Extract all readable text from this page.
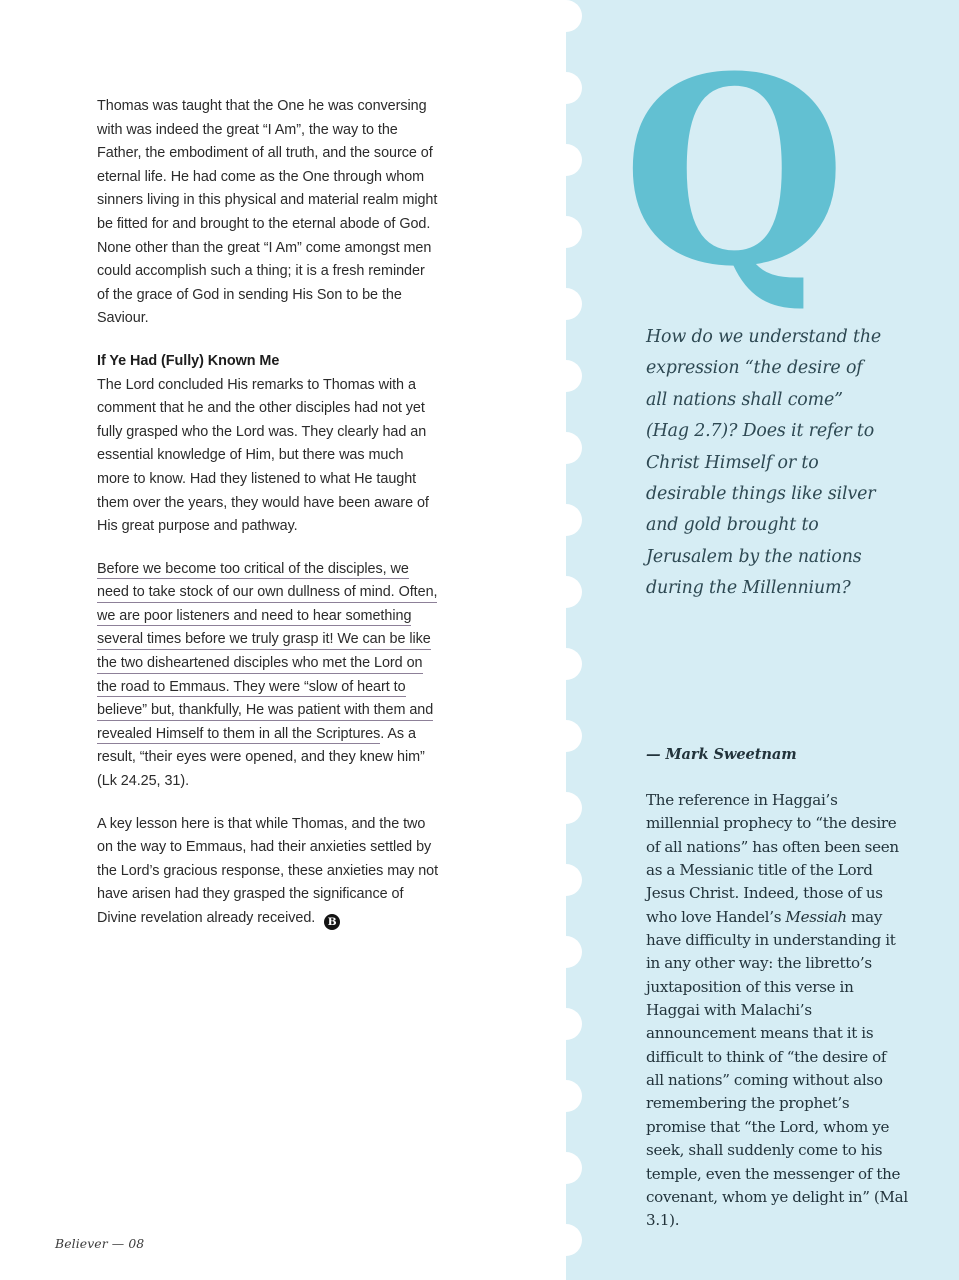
Q
How do we understand the expression “the desire of all nations shall come” (Hag 2.7)? Does it refer to Christ Himself or to desirable things like silver and gold brought to Jerusalem by the nations during the Millennium?
— Mark Sweetnam
The reference in Haggai’s millennial prophecy to “the desire of all nations” has often been seen as a Messianic title of the Lord Jesus Christ. Indeed, those of us who love Handel’s Messiah may have difficulty in understanding it in any other way: the libretto’s juxtaposition of this verse in Haggai with Malachi’s announcement means that it is difficult to think of “the desire of all nations” coming without also remembering the prophet’s promise that “the Lord, whom ye seek, shall suddenly come to his temple, even the messenger of the covenant, whom ye delight in” (Mal 3.1).

Thomas was taught that the One he was conversing with was indeed the great “I Am”, the way to the Father, the embodiment of all truth, and the source of eternal life. He had come as the One through whom sinners living in this physical and material realm might be fitted for and brought to the eternal abode of God. None other than the great “I Am” come amongst men could accomplish such a thing; it is a fresh reminder of the grace of God in sending His Son to be the Saviour.

If Ye Had (Fully) Known Me

The Lord concluded His remarks to Thomas with a comment that he and the other disciples had not yet fully grasped who the Lord was. They clearly had an essential knowledge of Him, but there was much more to know. Had they listened to what He taught them over the years, they would have been aware of His great purpose and pathway.

Before we become too critical of the disciples, we need to take stock of our own dullness of mind. Often, we are poor listeners and need to hear something several times before we truly grasp it! We can be like the two disheartened disciples who met the Lord on the road to Emmaus. They were “slow of heart to believe” but, thankfully, He was patient with them and revealed Himself to them in all the Scriptures. As a result, “their eyes were opened, and they knew him” (Lk 24.25, 31).

A key lesson here is that while Thomas, and the two on the way to Emmaus, had their anxieties settled by the Lord’s gracious response, these anxieties may not have arisen had they grasped the significance of Divine revelation already received. B

Believer — 08
